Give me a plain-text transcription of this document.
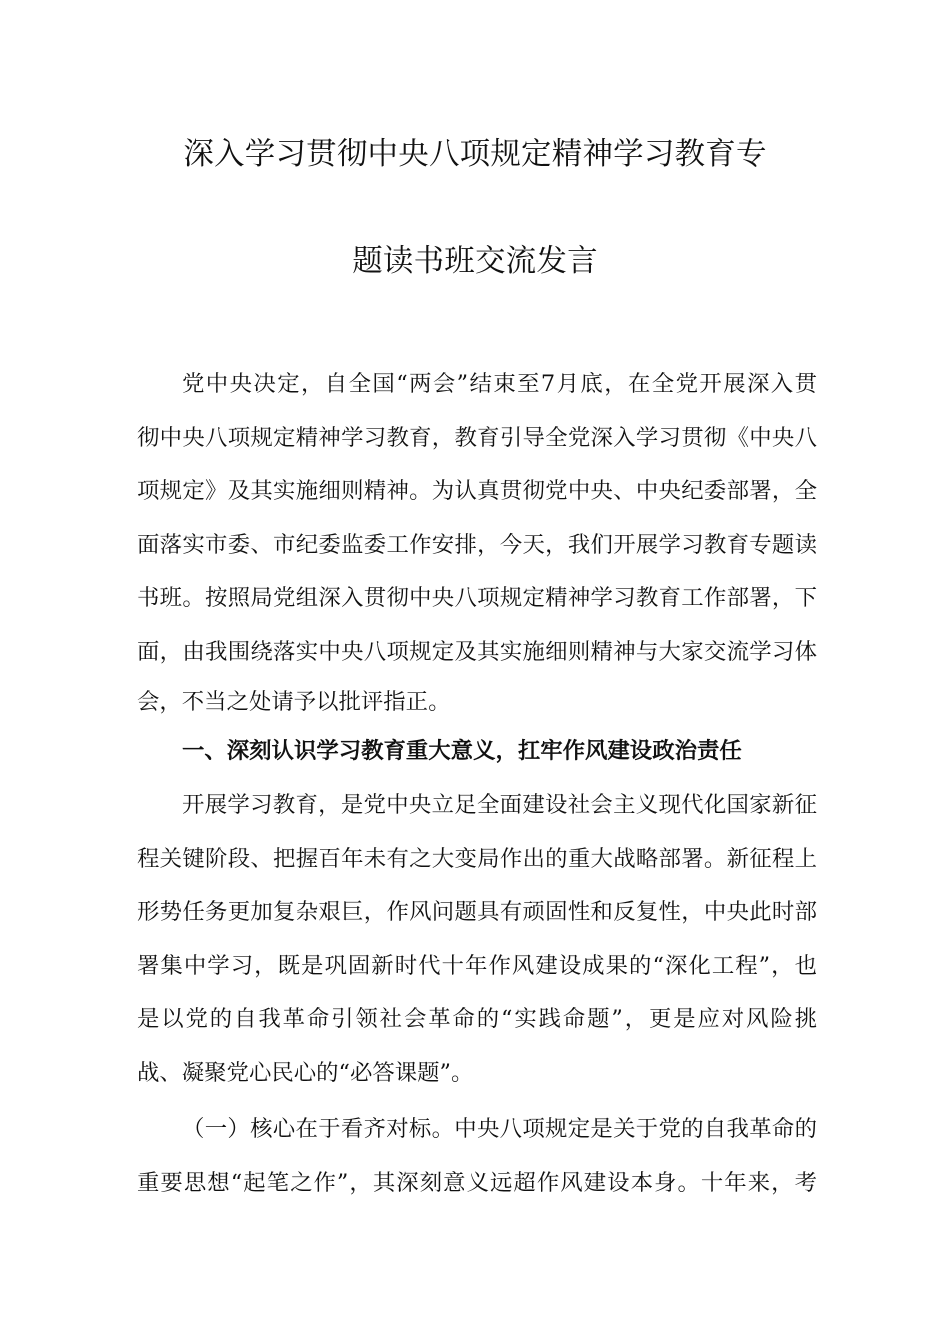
深入学习贯彻中央八项规定精神学习教育专
题读书班交流发言
党中央决定，自全国“两会”结束至7月底，在全党开展深入贯
彻中央八项规定精神学习教育，教育引导全党深入学习贯彻《中央八
项规定》及其实施细则精神。为认真贯彻党中央、中央纪委部署，全
面落实市委、市纪委监委工作安排，今天，我们开展学习教育专题读
书班。按照局党组深入贯彻中央八项规定精神学习教育工作部署，下
面，由我围绕落实中央八项规定及其实施细则精神与大家交流学习体
会，不当之处请予以批评指正。
一、深刻认识学习教育重大意义，扛牢作风建设政治责任
开展学习教育，是党中央立足全面建设社会主义现代化国家新征
程关键阶段、把握百年未有之大变局作出的重大战略部署。新征程上
形势任务更加复杂艰巨，作风问题具有顽固性和反复性，中央此时部
署集中学习，既是巩固新时代十年作风建设成果的“深化工程”，也
是以党的自我革命引领社会革命的“实践命题”，更是应对风险挑
战、凝聚党心民心的“必答课题”。
（一）核心在于看齐对标。中央八项规定是关于党的自我革命的
重要思想“起笔之作”，其深刻意义远超作风建设本身。十年来，考
